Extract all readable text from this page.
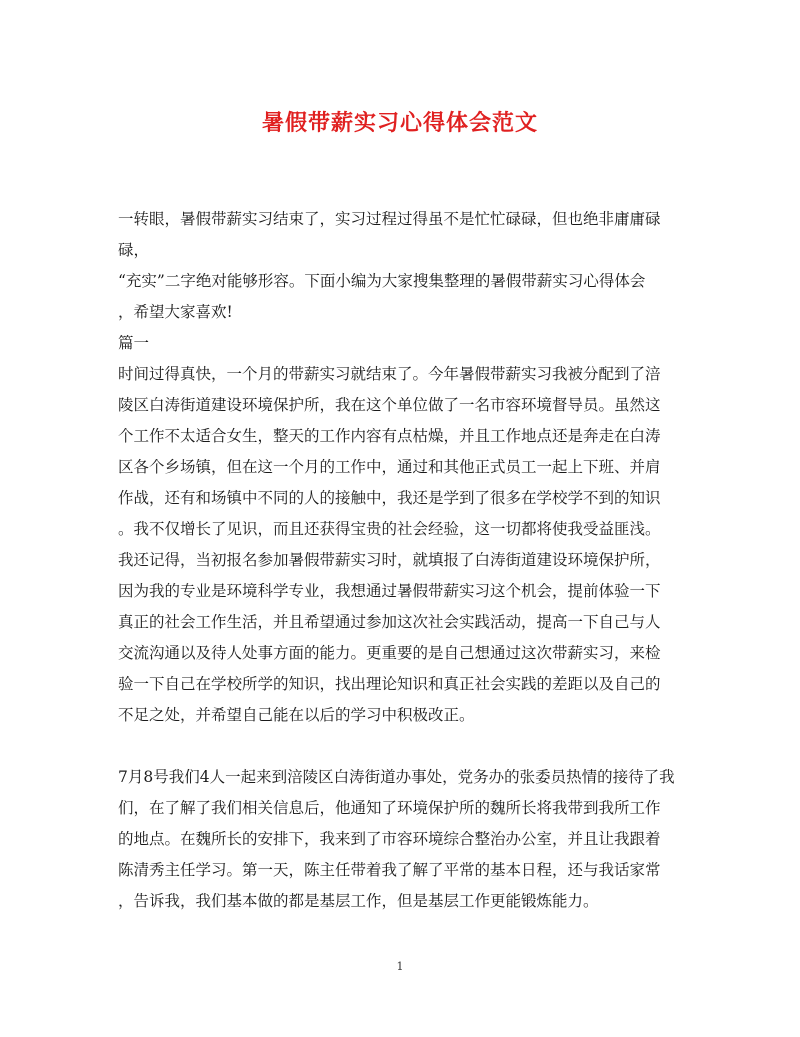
暑假带薪实习心得体会范文
一转眼，暑假带薪实习结束了，实习过程过得虽不是忙忙碌碌，但也绝非庸庸碌
碌，
“充实”二字绝对能够形容。下面小编为大家搜集整理的暑假带薪实习心得体会
，希望大家喜欢!
篇一
时间过得真快，一个月的带薪实习就结束了。今年暑假带薪实习我被分配到了涪
陵区白涛街道建设环境保护所，我在这个单位做了一名市容环境督导员。虽然这
个工作不太适合女生，整天的工作内容有点枯燥，并且工作地点还是奔走在白涛
区各个乡场镇，但在这一个月的工作中，通过和其他正式员工一起上下班、并肩
作战，还有和场镇中不同的人的接触中，我还是学到了很多在学校学不到的知识
。我不仅增长了见识，而且还获得宝贵的社会经验，这一切都将使我受益匪浅。
我还记得，当初报名参加暑假带薪实习时，就填报了白涛街道建设环境保护所，
因为我的专业是环境科学专业，我想通过暑假带薪实习这个机会，提前体验一下
真正的社会工作生活，并且希望通过参加这次社会实践活动，提高一下自己与人
交流沟通以及待人处事方面的能力。更重要的是自己想通过这次带薪实习，来检
验一下自己在学校所学的知识，找出理论知识和真正社会实践的差距以及自己的
不足之处，并希望自己能在以后的学习中积极改正。
7月8号我们4人一起来到涪陵区白涛街道办事处，党务办的张委员热情的接待了我
们，在了解了我们相关信息后，他通知了环境保护所的魏所长将我带到我所工作
的地点。在魏所长的安排下，我来到了市容环境综合整治办公室，并且让我跟着
陈清秀主任学习。第一天，陈主任带着我了解了平常的基本日程，还与我话家常
，告诉我，我们基本做的都是基层工作，但是基层工作更能锻炼能力。
1
